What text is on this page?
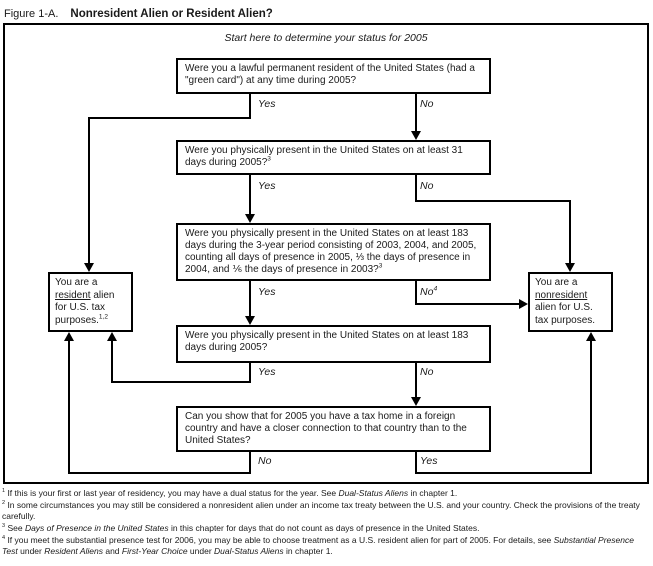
Figure 1-A. Nonresident Alien or Resident Alien?
Start here to determine your status for 2005
Were you a lawful permanent resident of the United States (had a "green card") at any time during 2005?
Were you physically present in the United States on at least 31 days during 2005?$^3$
Were you physically present in the United States on at least 183 days during the 3-year period consisting of 2003, 2004, and 2005, counting all days of presence in 2005, ⅓ the days of presence in 2004, and ⅙ the days of presence in 2003?$^3$
Were you physically present in the United States on at least 183 days during 2005?
Can you show that for 2005 you have a tax home in a foreign country and have a closer connection to that country than to the United States?
You are a resident alien for U.S. tax purposes.$^{1,2}$
You are a nonresident alien for U.S. tax purposes.
Yes	No
Yes	No
Yes	No$^4$
Yes	No
No	Yes

$^1$ If this is your first or last year of residency, you may have a dual status for the year. See Dual-Status Aliens in chapter 1.

$^2$ In some circumstances you may still be considered a nonresident alien under an income tax treaty between the U.S. and your country. Check the provisions of the treaty carefully.

$^3$ See Days of Presence in the United States in this chapter for days that do not count as days of presence in the United States.

$^4$ If you meet the substantial presence test for 2006, you may be able to choose treatment as a U.S. resident alien for part of 2005. For details, see Substantial Presence Test under Resident Aliens and First-Year Choice under Dual-Status Aliens in chapter 1.
